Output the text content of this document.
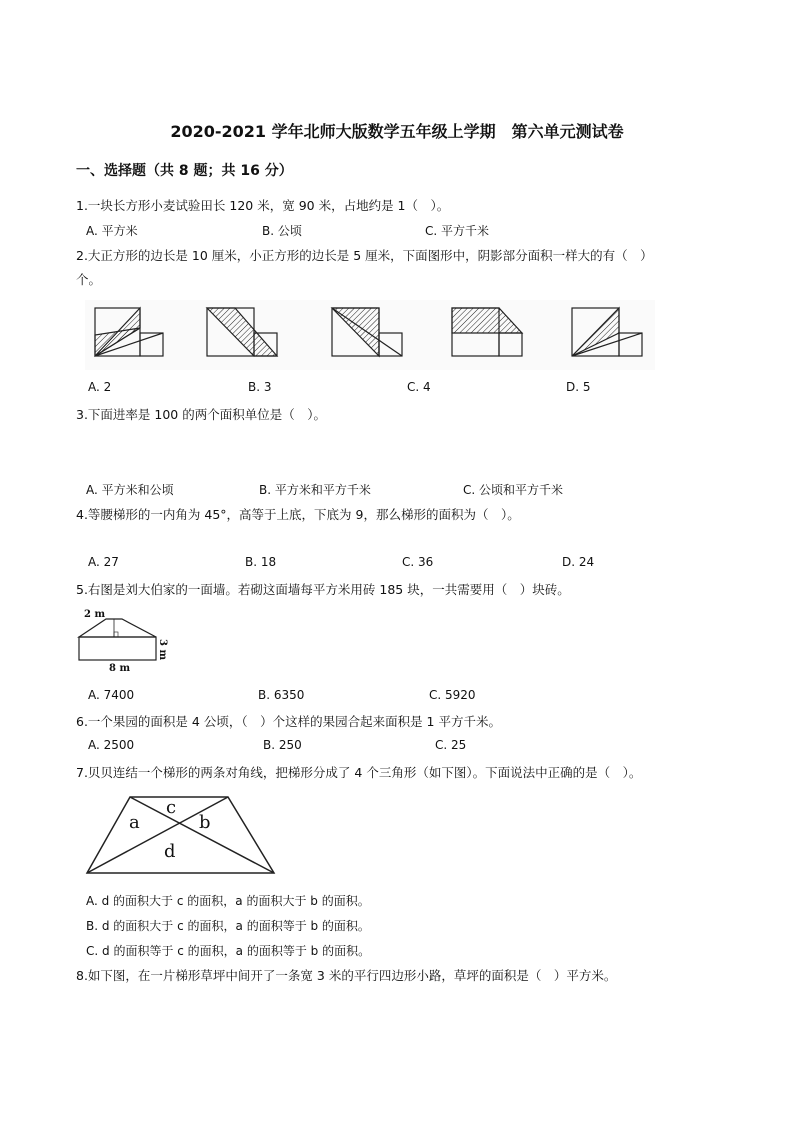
2020-2021 学年北师大版数学五年级上学期　第六单元测试卷
一、选择题（共 8 题；共 16 分）
1.一块长方形小麦试验田长 120 米，宽 90 米，占地约是 1（　）。
A. 平方米	B. 公顷	C. 平方千米
2.大正方形的边长是 10 厘米，小正方形的边长是 5 厘米，下面图形中，阴影部分面积一样大的有（　）
个。
A. 2	B. 3	C. 4	D. 5
3.下面进率是 100 的两个面积单位是（　）。
A. 平方米和公顷	B. 平方米和平方千米	C. 公顷和平方千米
4.等腰梯形的一内角为 45°，高等于上底，下底为 9，那么梯形的面积为（　）。
A. 27	B. 18	C. 36	D. 24
5.右图是刘大伯家的一面墙。若砌这面墙每平方米用砖 185 块，一共需要用（　）块砖。
2 m
8 m
3 m
A. 7400	B. 6350	C. 5920
6.一个果园的面积是 4 公顷，（　）个这样的果园合起来面积是 1 平方千米。
A. 2500	B. 250	C. 25
7.贝贝连结一个梯形的两条对角线，把梯形分成了 4 个三角形（如下图）。下面说法中正确的是（　）。
c
a	b
d
A. d 的面积大于 c 的面积，a 的面积大于 b 的面积。
B. d 的面积大于 c 的面积，a 的面积等于 b 的面积。
C. d 的面积等于 c 的面积，a 的面积等于 b 的面积。
8.如下图，在一片梯形草坪中间开了一条宽 3 米的平行四边形小路，草坪的面积是（　）平方米。
